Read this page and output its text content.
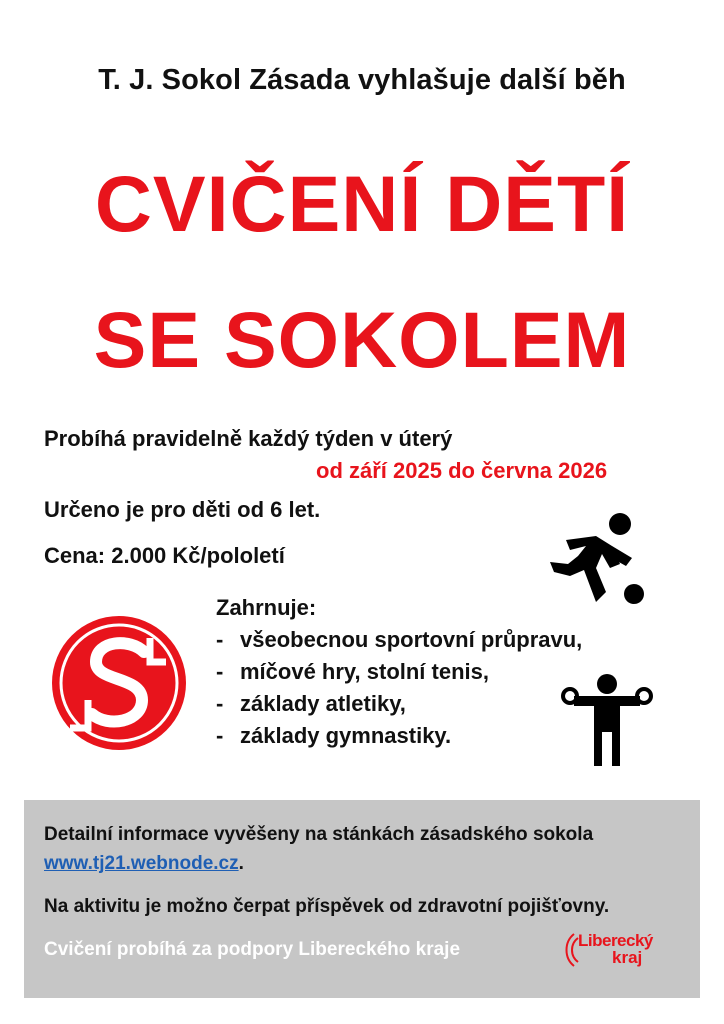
T. J. Sokol Zásada vyhlašuje další běh
CVIČENÍ DĚTÍ
SE SOKOLEM
Probíhá pravidelně každý týden v úterý
od září 2025 do června 2026
Určeno je pro děti od 6 let.
Cena: 2.000 Kč/pololetí
Zahrnuje:
- všeobecnou sportovní průpravu,
- míčové hry, stolní tenis,
- základy atletiky,
- základy gymnastiky.
Detailní informace vyvěšeny na stánkách zásadského sokola
www.tj21.webnode.cz.
Na aktivitu je možno čerpat příspěvek od zdravotní pojišťovny.
Cvičení probíhá za podpory Libereckého kraje	Liberecký
kraj
